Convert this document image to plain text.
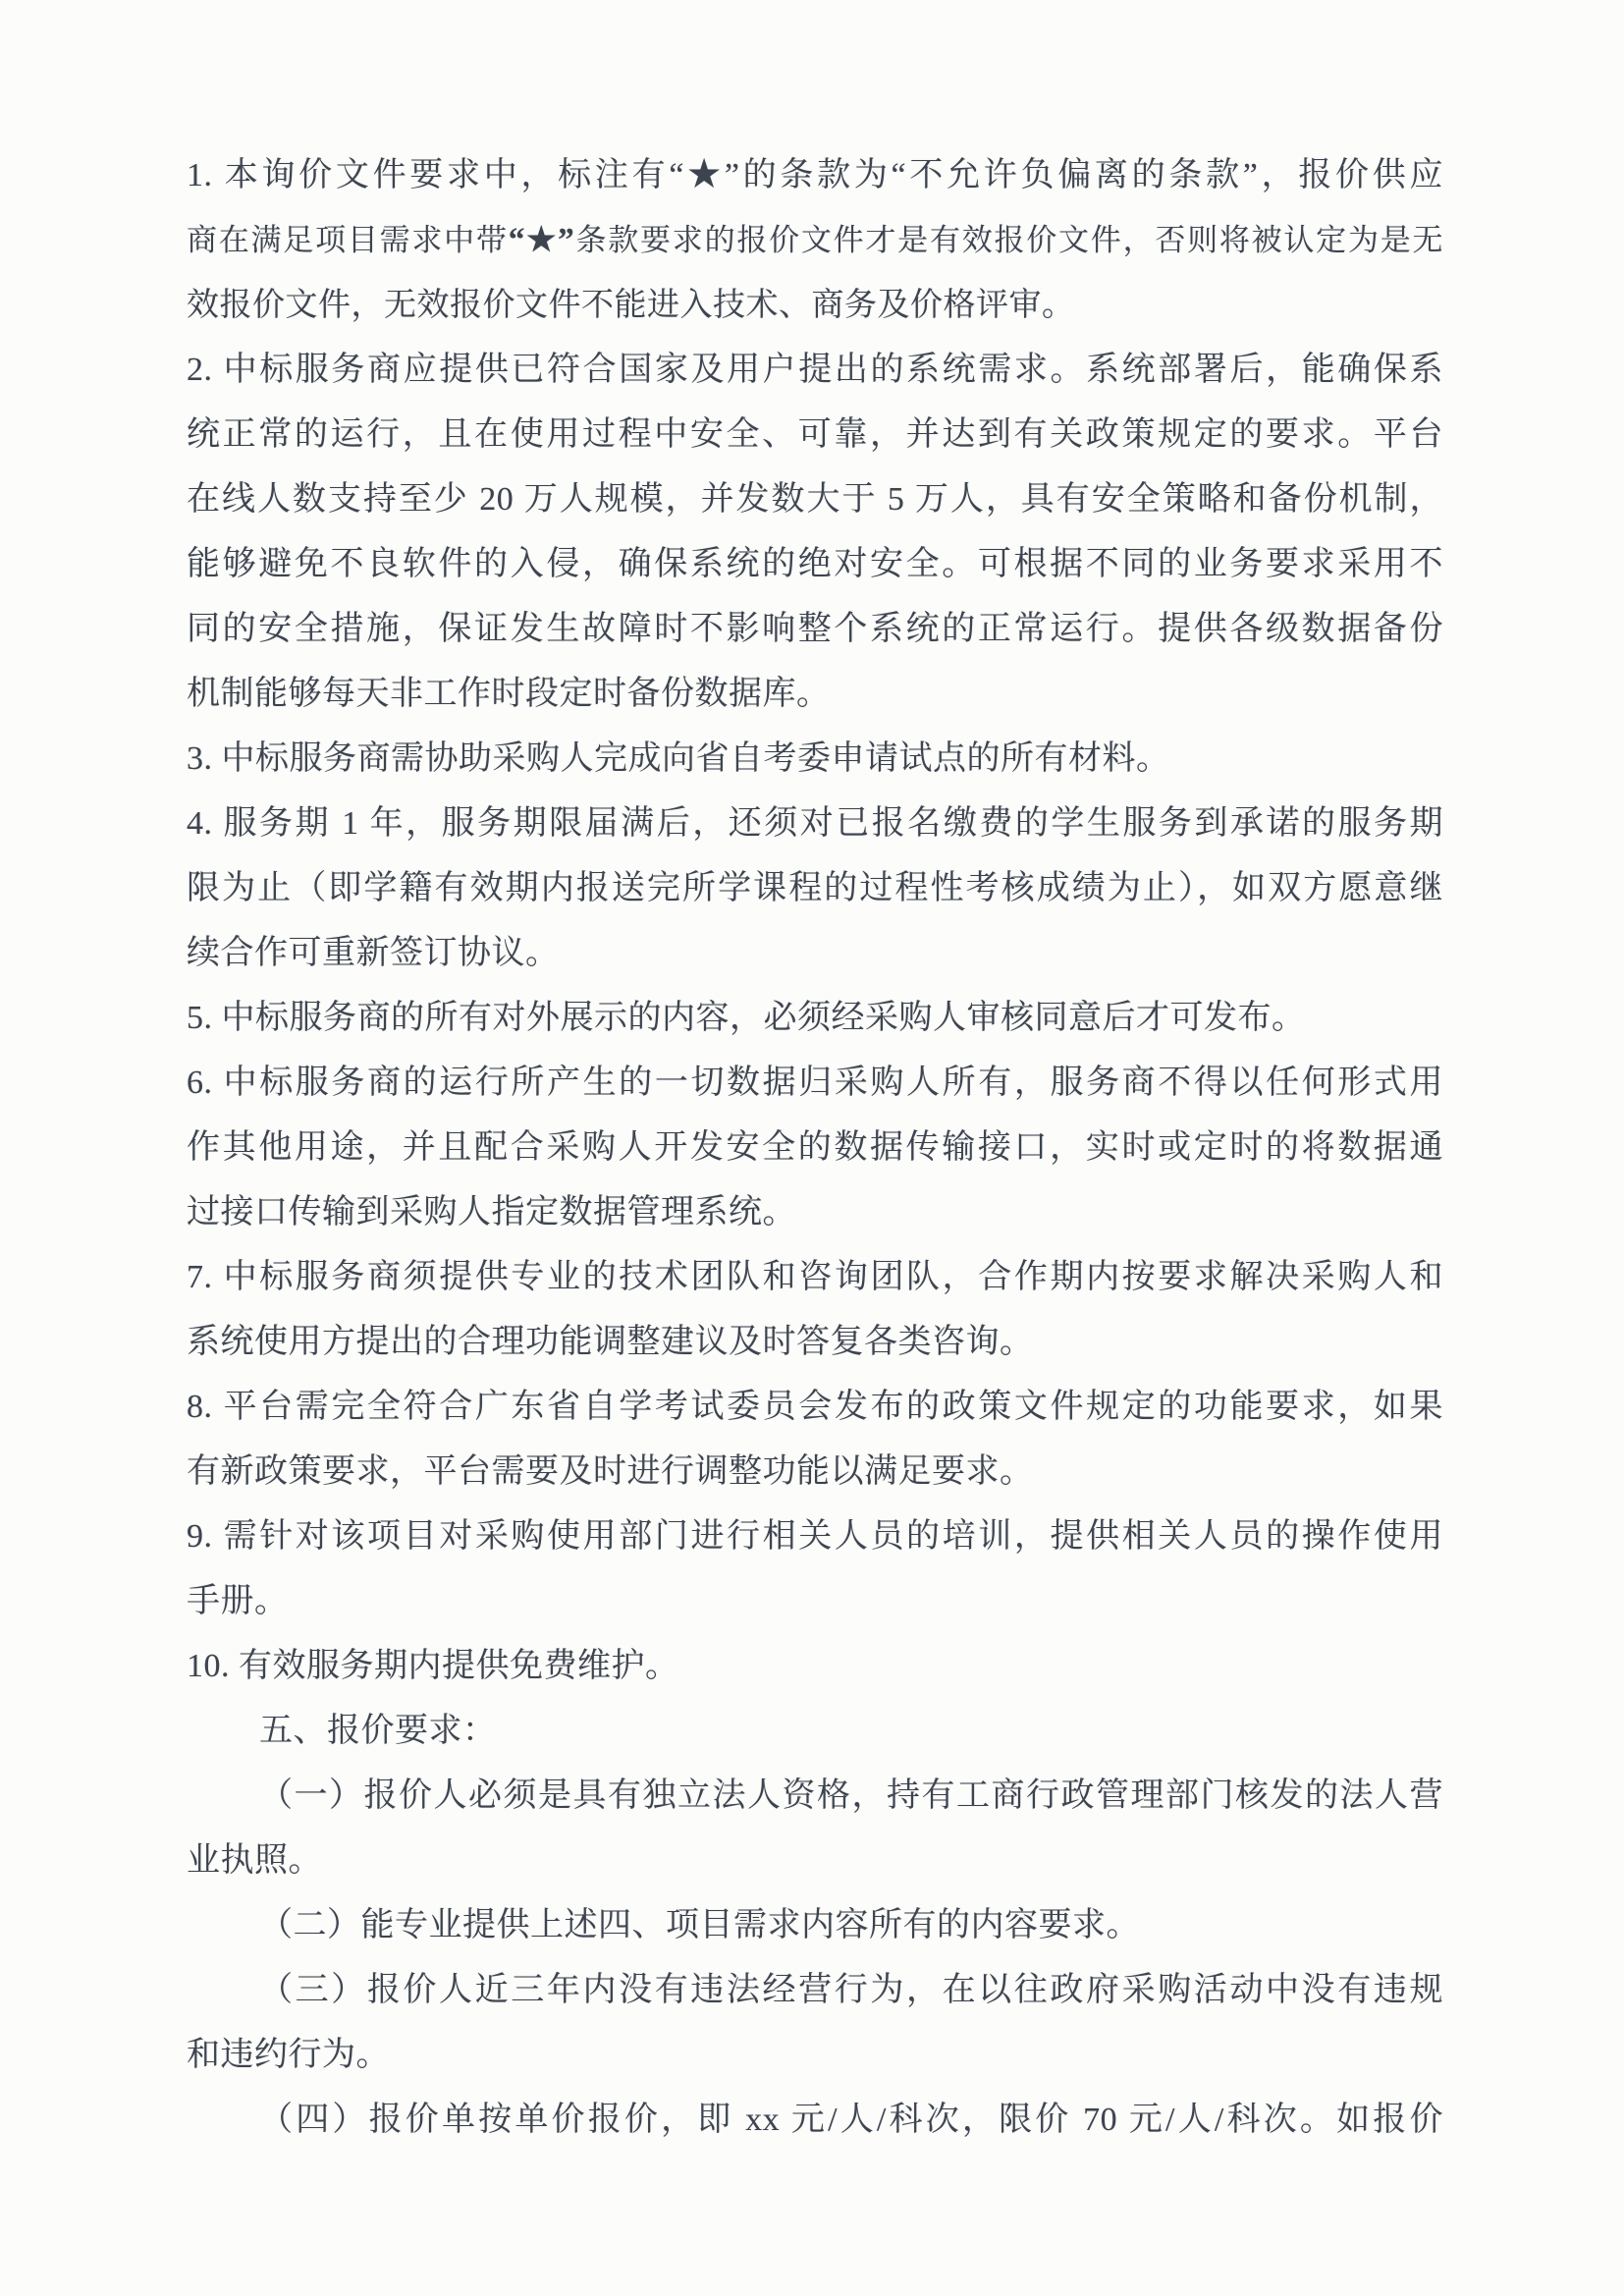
1. 本询价文件要求中，标注有“★”的条款为“不允许负偏离的条款”，报价供应
商在满足项目需求中带“★”条款要求的报价文件才是有效报价文件，否则将被认定为是无
效报价文件，无效报价文件不能进入技术、商务及价格评审。
2. 中标服务商应提供已符合国家及用户提出的系统需求。系统部署后，能确保系
统正常的运行，且在使用过程中安全、可靠，并达到有关政策规定的要求。平台
在线人数支持至少 20 万人规模，并发数大于 5 万人，具有安全策略和备份机制，
能够避免不良软件的入侵，确保系统的绝对安全。可根据不同的业务要求采用不
同的安全措施，保证发生故障时不影响整个系统的正常运行。提供各级数据备份
机制能够每天非工作时段定时备份数据库。
3. 中标服务商需协助采购人完成向省自考委申请试点的所有材料。
4. 服务期 1 年，服务期限届满后，还须对已报名缴费的学生服务到承诺的服务期
限为止（即学籍有效期内报送完所学课程的过程性考核成绩为止），如双方愿意继
续合作可重新签订协议。
5. 中标服务商的所有对外展示的内容，必须经采购人审核同意后才可发布。
6. 中标服务商的运行所产生的一切数据归采购人所有，服务商不得以任何形式用
作其他用途，并且配合采购人开发安全的数据传输接口，实时或定时的将数据通
过接口传输到采购人指定数据管理系统。
7. 中标服务商须提供专业的技术团队和咨询团队，合作期内按要求解决采购人和
系统使用方提出的合理功能调整建议及时答复各类咨询。
8. 平台需完全符合广东省自学考试委员会发布的政策文件规定的功能要求，如果
有新政策要求，平台需要及时进行调整功能以满足要求。
9. 需针对该项目对采购使用部门进行相关人员的培训，提供相关人员的操作使用
手册。
10. 有效服务期内提供免费维护。
五、报价要求：
（一）报价人必须是具有独立法人资格，持有工商行政管理部门核发的法人营
业执照。
（二）能专业提供上述四、项目需求内容所有的内容要求。
（三）报价人近三年内没有违法经营行为，在以往政府采购活动中没有违规
和违约行为。
（四）报价单按单价报价，即 xx 元/人/科次，限价 70 元/人/科次。如报价
